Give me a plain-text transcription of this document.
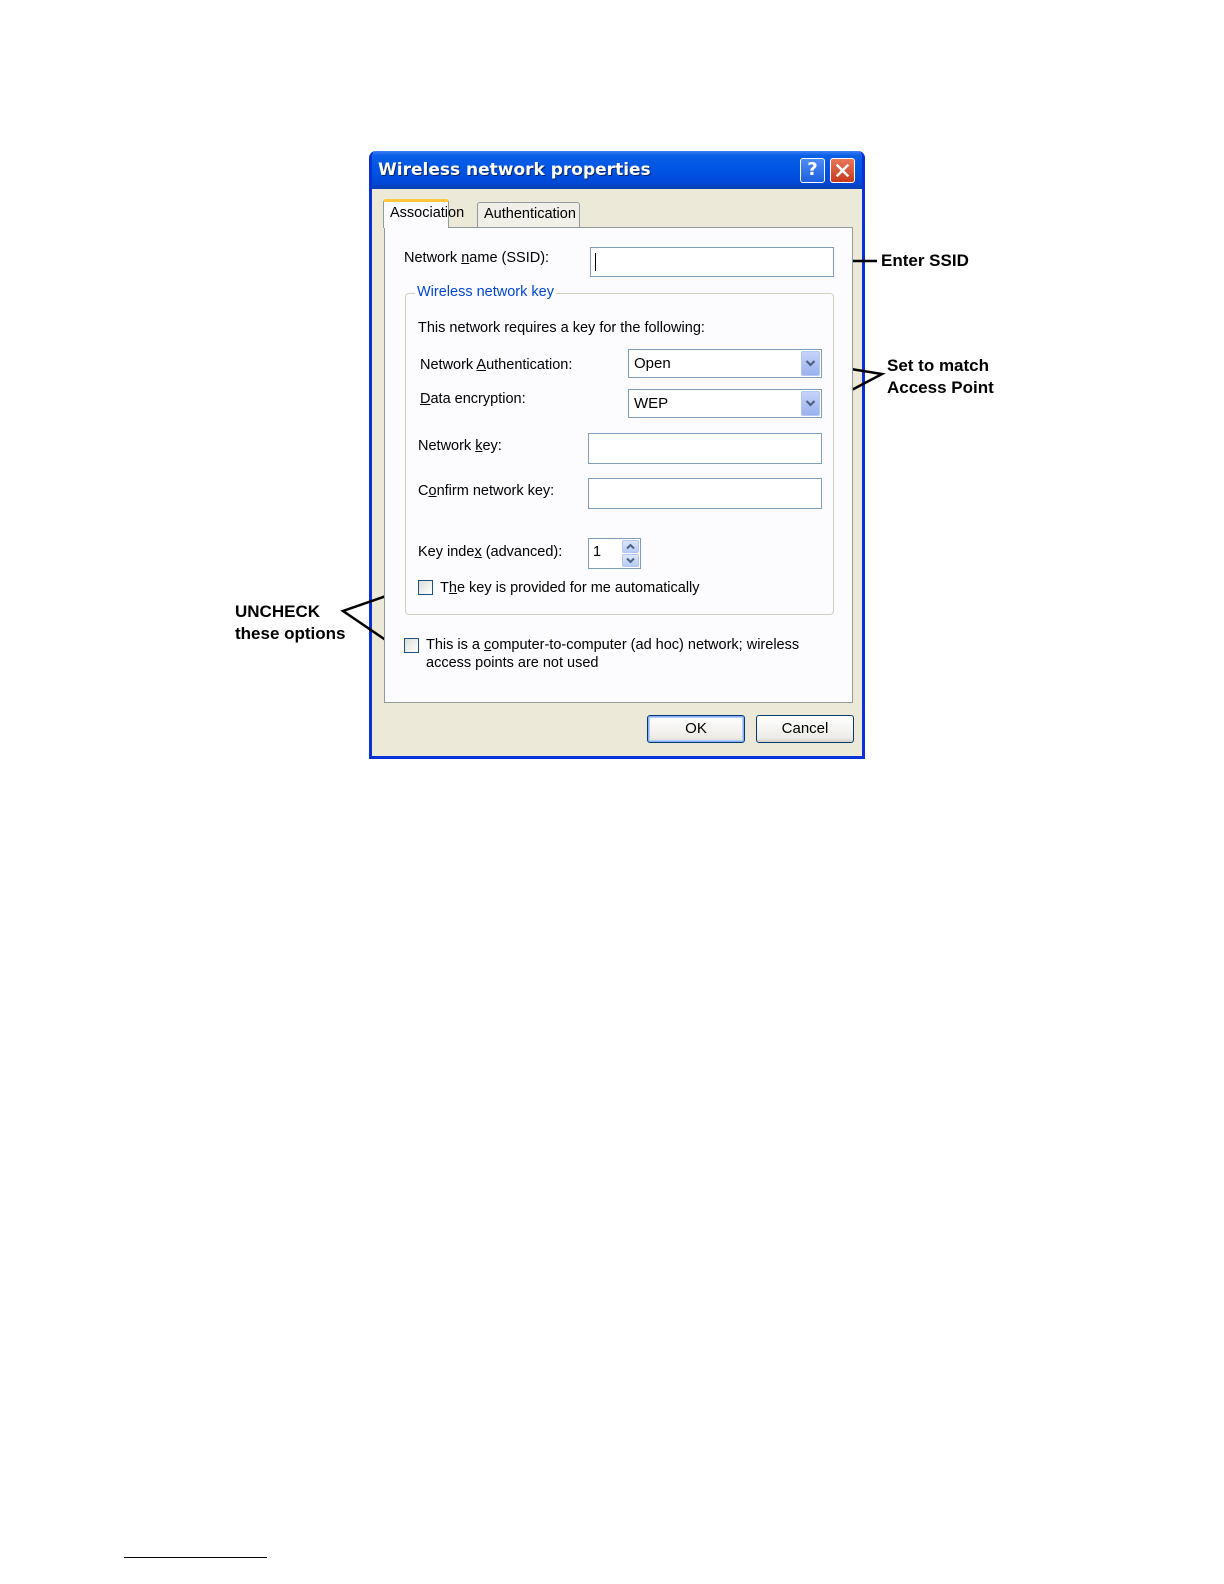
Wireless network properties	?
Association	Authentication
Network name (SSID):
Wireless network key
This network requires a key for the following:
Network Authentication:	Open
Data encryption:	WEP
Network key:
Confirm network key:
Key index (advanced): 1
The key is provided for me automatically
This is a computer-to-computer (ad hoc) network; wireless
access points are not used
OK	Cancel
Enter SSID
Set to match
Access Point
UNCHECK
these options
